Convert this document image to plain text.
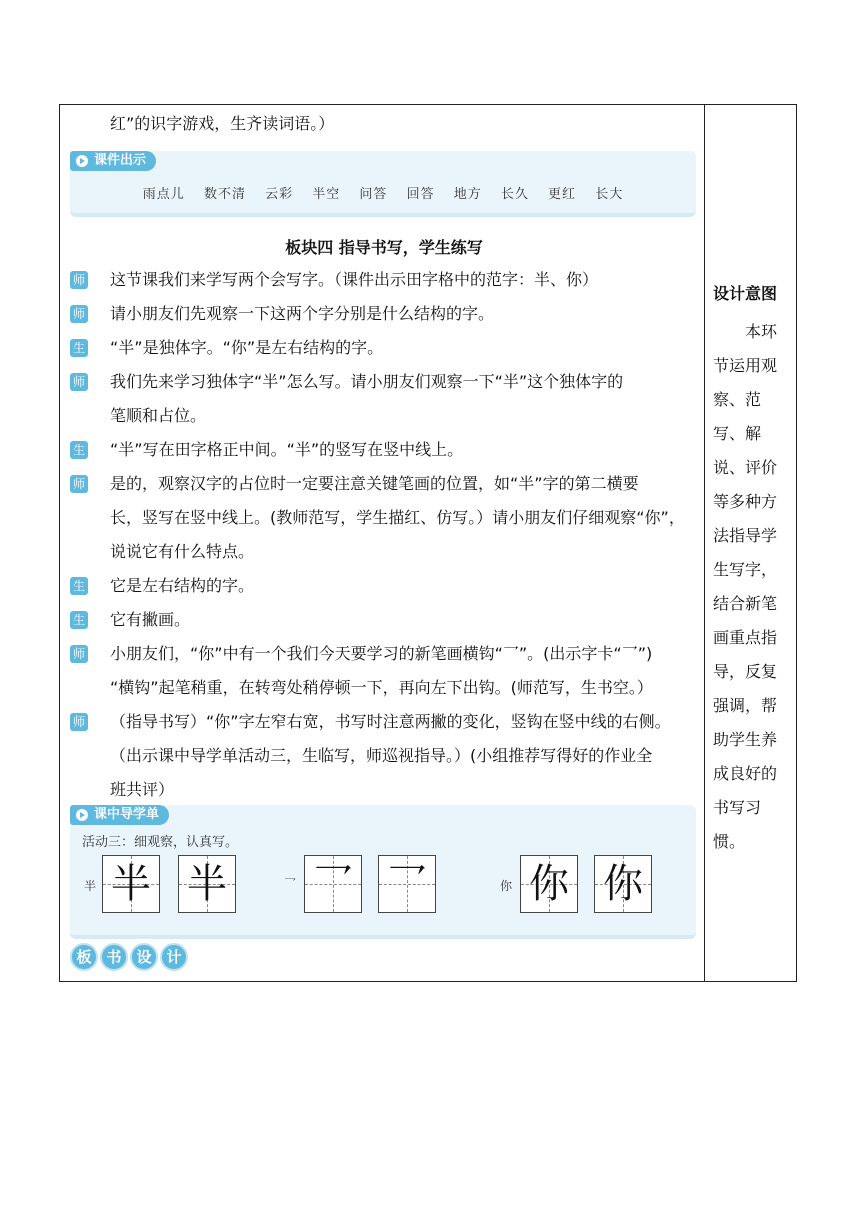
红”的识字游戏，生齐读词语。）
课件出示
雨点儿 数不清 云彩 半空 问答 回答 地方 长久 更红 长大
板块四 指导书写，学生练写
师 这节课我们来学写两个会写字。（课件出示田字格中的范字：半、你）
师 请小朋友们先观察一下这两个字分别是什么结构的字。
生 “半”是独体字。“你”是左右结构的字。
师 我们先来学习独体字“半”怎么写。请小朋友们观察一下“半”这个独体字的
笔顺和占位。
生 “半”写在田字格正中间。“半”的竖写在竖中线上。
师 是的，观察汉字的占位时一定要注意关键笔画的位置，如“半”字的第二横要
长，竖写在竖中线上。(教师范写，学生描红、仿写。）请小朋友们仔细观察“你”，
说说它有什么特点。
生 它是左右结构的字。
生 它有撇画。
师 小朋友们，“你”中有一个我们今天要学习的新笔画横钩“乛”。(出示字卡“乛”)
“横钩”起笔稍重，在转弯处稍停顿一下，再向左下出钩。(师范写，生书空。）
师 （指导书写）“你”字左窄右宽，书写时注意两撇的变化，竖钩在竖中线的右侧。
（出示课中导学单活动三，生临写，师巡视指导。）(小组推荐写得好的作业全
班共评）
课中导学单
活动三：细观察，认真写。
半 半 半	乛 乛 乛	你 你 你
板 书 设 计
设计意图
本环节运用观察、范写、解说、评价等多种方法指导学生写字，结合新笔画重点指导，反复强调，帮助学生养成良好的书写习惯。
